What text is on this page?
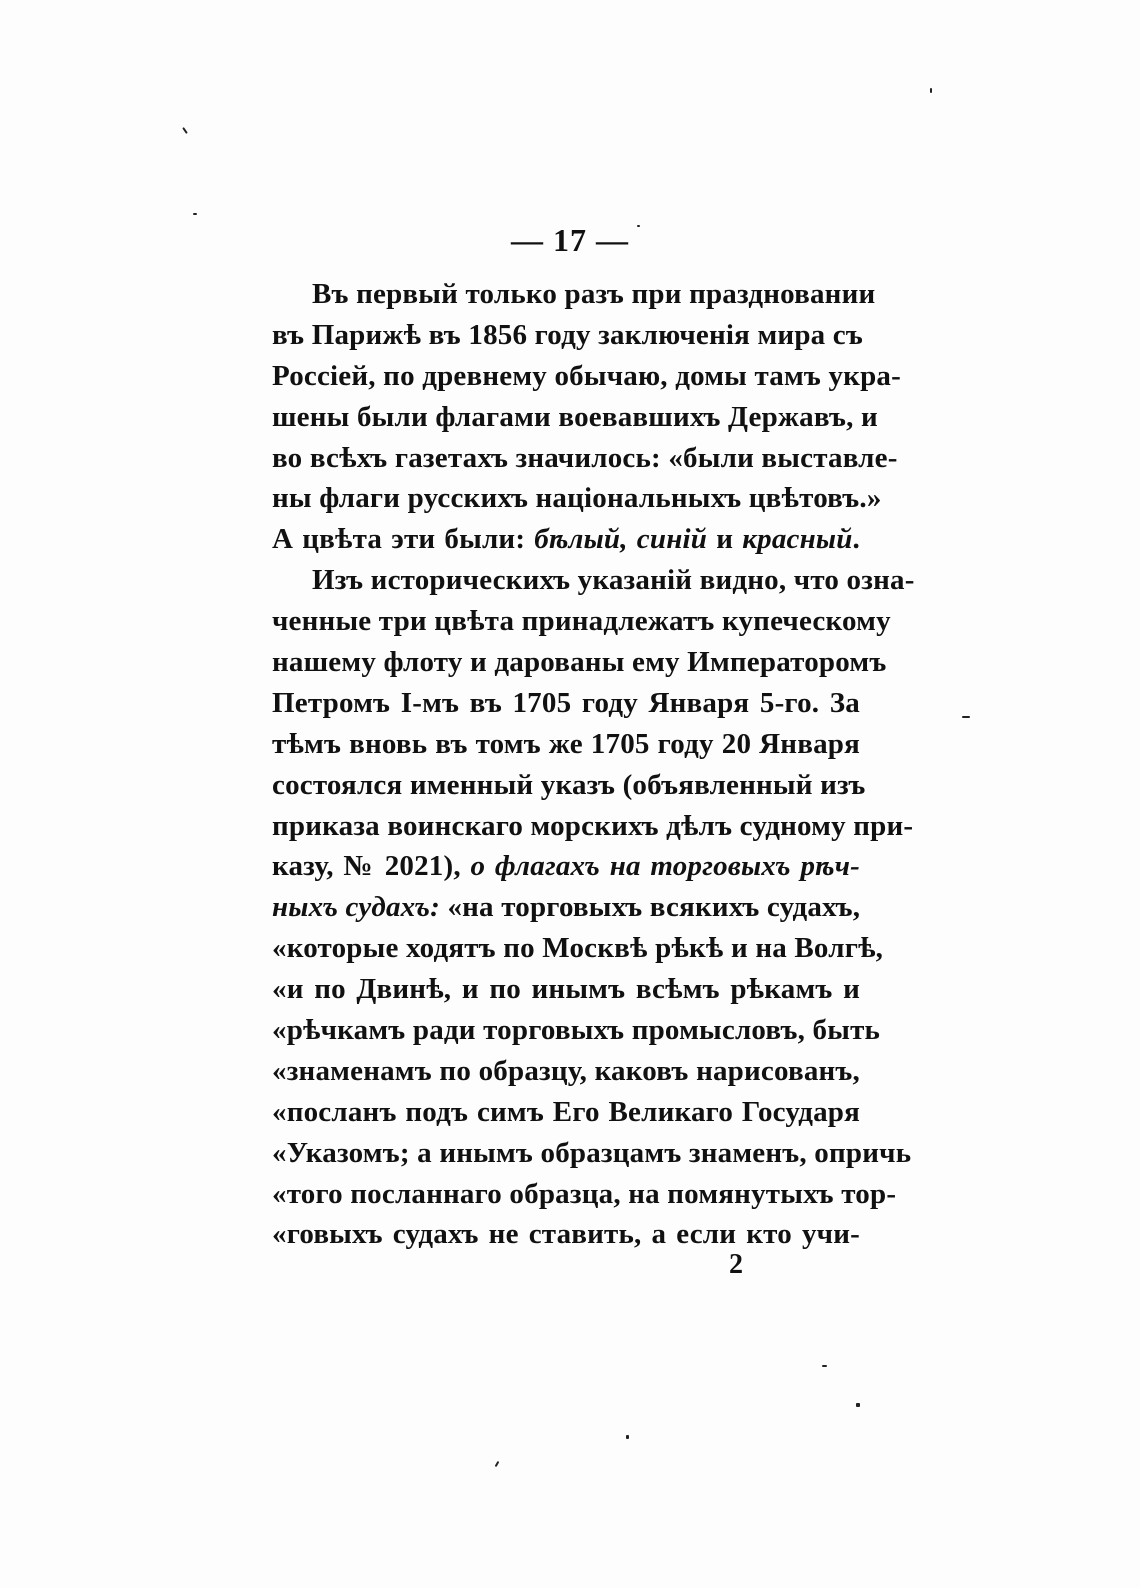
— 17 —
Въ первый только разъ при праздновании
въ Парижѣ въ 1856 году заключенія мира съ
Россіей, по древнему обычаю, домы тамъ укра-
шены были флагами воевавшихъ Державъ, и
во всѣхъ газетахъ значилось: «были выставле-
ны флаги русскихъ національныхъ цвѣтовъ.»
А цвѣта эти были: бѣлый, синій и красный.
Изъ историческихъ указаній видно, что озна-
ченные три цвѣта принадлежатъ купеческому
нашему флоту и дарованы ему Императоромъ
Петромъ I-мъ въ 1705 году Января 5-го. За
тѣмъ вновь въ томъ же 1705 году 20 Января
состоялся именный указъ (объявленный изъ
приказа воинскаго морскихъ дѣлъ судному при-
казу, № 2021), о флагахъ на торговыхъ рѣч-
ныхъ судахъ: «на торговыхъ всякихъ судахъ,
«которые ходятъ по Москвѣ рѣкѣ и на Волгѣ,
«и по Двинѣ, и по инымъ всѣмъ рѣкамъ и
«рѣчкамъ ради торговыхъ промысловъ, быть
«знаменамъ по образцу, каковъ нарисованъ,
«посланъ подъ симъ Его Великаго Государя
«Указомъ; а инымъ образцамъ знаменъ, опричь
«того посланнаго образца, на помянутыхъ тор-
«говыхъ судахъ не ставить, а если кто учи-
2
